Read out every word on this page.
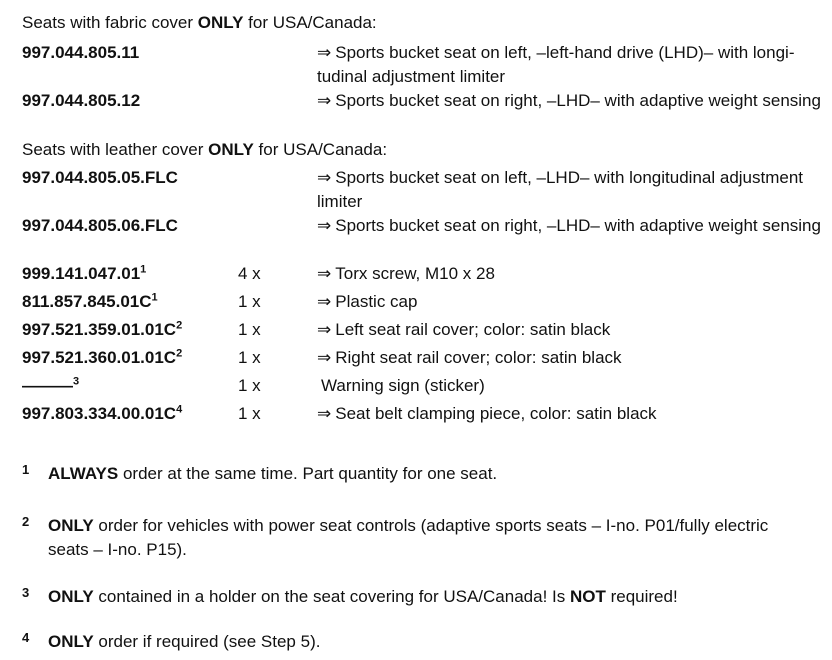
Seats with fabric cover ONLY for USA/Canada:
997.044.805.11	⇒ Sports bucket seat on left, –left-hand drive (LHD)– with longi-tudinal adjustment limiter
997.044.805.12	⇒ Sports bucket seat on right, –LHD– with adaptive weight sensing
Seats with leather cover ONLY for USA/Canada:
997.044.805.05.FLC	⇒ Sports bucket seat on left, –LHD– with longitudinal adjustment limiter
997.044.805.06.FLC	⇒ Sports bucket seat on right, –LHD– with adaptive weight sensing
999.141.047.01$^1$	4 x	⇒ Torx screw, M10 x 28
$811.857.845.01C^1$	1 x	⇒ Plastic cap
$997.521.359.01.01C^2$	1 x	⇒ Left seat rail cover; color: satin black
$997.521.360.01.01C^2$	1 x	⇒ Right seat rail cover; color: satin black
———$^3$	1 x	Warning sign (sticker)
$997.803.334.00.01C^4$	1 x	⇒ Seat belt clamping piece, color: satin black
1 ALWAYS order at the same time. Part quantity for one seat.
2 ONLY order for vehicles with power seat controls (adaptive sports seats – I-no. P01/fully electric seats – I-no. P15).
3 ONLY contained in a holder on the seat covering for USA/Canada! Is NOT required!
4 ONLY order if required (see Step 5).
